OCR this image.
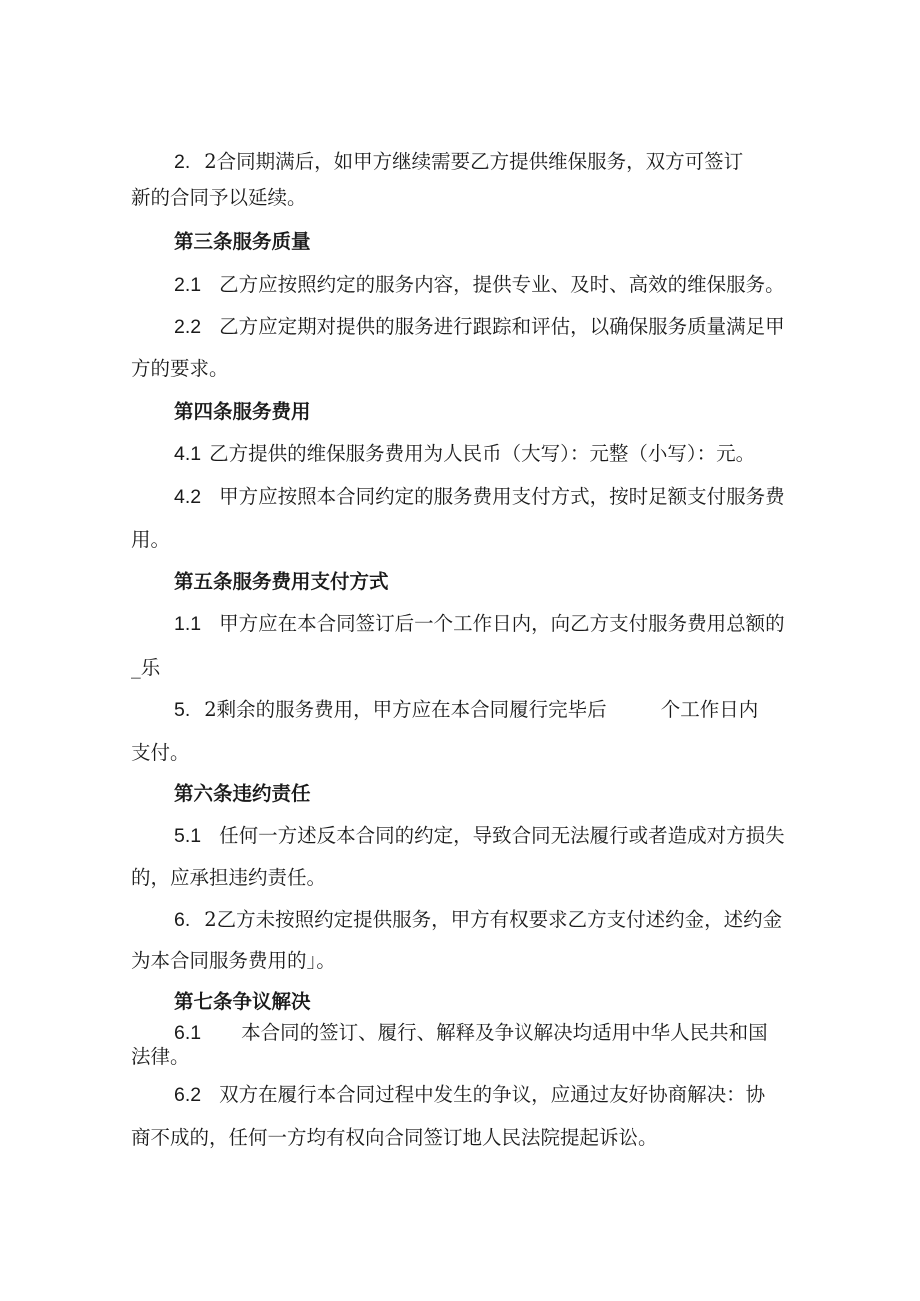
2. 2合同期满后，如甲方继续需要乙方提供维保服务，双方可签订
新的合同予以延续。
第三条服务质量
2.1 乙方应按照约定的服务内容，提供专业、及时、高效的维保服务。
2.2 乙方应定期对提供的服务进行跟踪和评估，以确保服务质量满足甲
方的要求。
第四条服务费用
4.1 乙方提供的维保服务费用为人民币（大写）：元整（小写）：元。
4.2 甲方应按照本合同约定的服务费用支付方式，按时足额支付服务费
用。
第五条服务费用支付方式
1.1 甲方应在本合同签订后一个工作日内，向乙方支付服务费用总额的
_乐
5. 2剩余的服务费用，甲方应在本合同履行完毕后	个工作日内
支付。
第六条违约责任
5.1 任何一方述反本合同的约定，导致合同无法履行或者造成对方损失
的，应承担违约责任。
6. 2乙方未按照约定提供服务，甲方有权要求乙方支付述约金，述约金
为本合同服务费用的」。
第七条争议解决
6.1 本合同的签订、履行、解释及争议解决均适用中华人民共和国
法律。
6.2 双方在履行本合同过程中发生的争议，应通过友好协商解决：协
商不成的，任何一方均有权向合同签订地人民法院提起诉讼。
